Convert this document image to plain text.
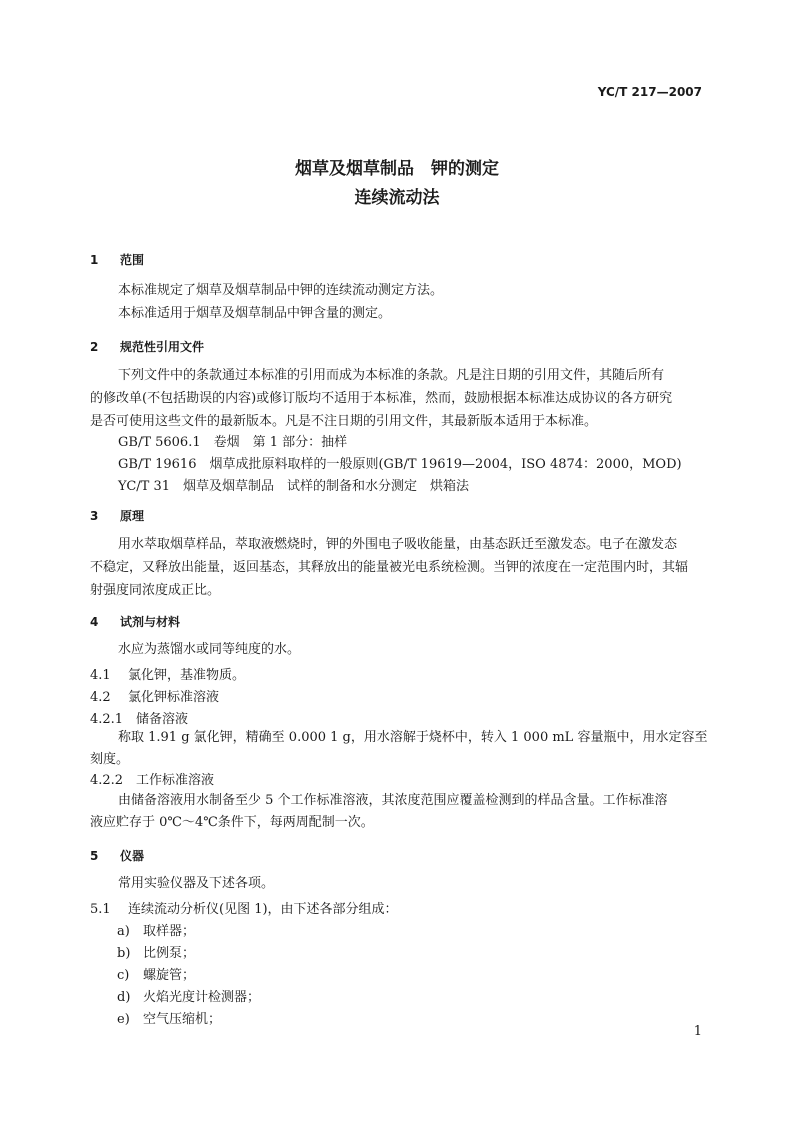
YC/T 217—2007
烟草及烟草制品　钾的测定
连续流动法
1 范围
本标准规定了烟草及烟草制品中钾的连续流动测定方法。
本标准适用于烟草及烟草制品中钾含量的测定。
2 规范性引用文件
下列文件中的条款通过本标准的引用而成为本标准的条款。凡是注日期的引用文件，其随后所有
的修改单(不包括勘误的内容)或修订版均不适用于本标准，然而，鼓励根据本标准达成协议的各方研究
是否可使用这些文件的最新版本。凡是不注日期的引用文件，其最新版本适用于本标准。
GB/T 5606.1　卷烟　第 1 部分：抽样
GB/T 19616　烟草成批原料取样的一般原则(GB/T 19619—2004，ISO 4874：2000，MOD)
YC/T 31　烟草及烟草制品　试样的制备和水分测定　烘箱法
3 原理
用水萃取烟草样品，萃取液燃烧时，钾的外围电子吸收能量，由基态跃迁至激发态。电子在激发态
不稳定，又释放出能量，返回基态，其释放出的能量被光电系统检测。当钾的浓度在一定范围内时，其辐
射强度同浓度成正比。
4 试剂与材料
水应为蒸馏水或同等纯度的水。
4.1 氯化钾，基准物质。
4.2 氯化钾标准溶液
4.2.1 储备溶液
称取 1.91 g 氯化钾，精确至 0.000 1 g，用水溶解于烧杯中，转入 1 000 mL 容量瓶中，用水定容至
刻度。
4.2.2 工作标准溶液
由储备溶液用水制备至少 5 个工作标准溶液，其浓度范围应覆盖检测到的样品含量。工作标准溶
液应贮存于 0℃～4℃条件下，每两周配制一次。
5 仪器
常用实验仪器及下述各项。
5.1 连续流动分析仪(见图 1)，由下述各部分组成：
a) 取样器；
b) 比例泵；
c) 螺旋管；
d) 火焰光度计检测器；
e) 空气压缩机；
1
